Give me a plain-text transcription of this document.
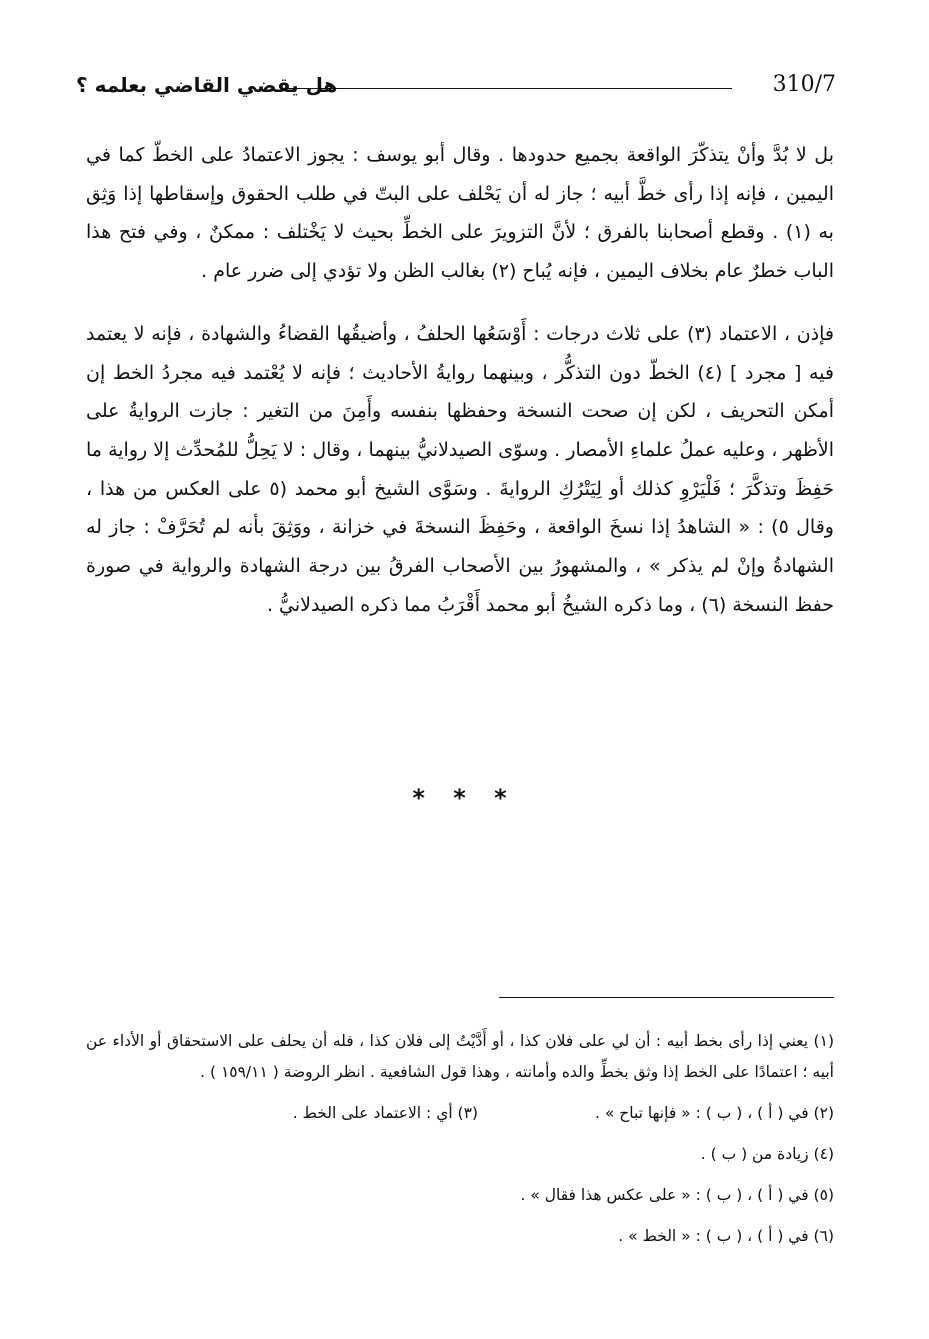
310/7
هل يقضي القاضي بعلمه ؟

بل لا بُدَّ وأنْ يتذكّرَ الواقعة بجميع حدودها . وقال أبو يوسف : يجوز الاعتمادُ على الخطّ كما في اليمين ، فإنه إذا رأى خطَّ أبيه ؛ جاز له أن يَحْلف على البتّ في طلب الحقوق وإسقاطها إذا وَثِق به (١) . وقطع أصحابنا بالفرق ؛ لأنَّ التزويرَ على الخطِّ بحيث لا يَخْتلف : ممكنٌ ، وفي فتح هذا الباب خطرٌ عام بخلاف اليمين ، فإنه يُباح (٢) بغالب الظن ولا تؤدي إلى ضرر عام .

فإذن ، الاعتماد (٣) على ثلاث درجات : أَوْسَعُها الحلفُ ، وأضيقُها القضاءُ والشهادة ، فإنه لا يعتمد فيه [ مجرد ] (٤) الخطّ دون التذكُّر ، وبينهما روايةُ الأحاديث ؛ فإنه لا يُعْتمد فيه مجردُ الخط إن أمكن التحريف ، لكن إن صحت النسخة وحفظها بنفسه وأَمِنَ من التغير : جازت الروايةُ على الأظهر ، وعليه عملُ علماءِ الأمصار . وسوّى الصيدلانيُّ بينهما ، وقال : لا يَحِلُّ للمُحدِّث إلا رواية ما حَفِظَ وتذكَّرَ ؛ فَلْيَرْوِ كذلك أو لِيَتْرُكِ الروايةَ . وسَوَّى الشيخ أبو محمد (٥ على العكس من هذا ، وقال ٥) : « الشاهدُ إذا نسخَ الواقعة ، وحَفِظَ النسخةَ في خزانة ، ووَثِقَ بأنه لم تُحَرَّفْ : جاز له الشهادةُ وإنْ لم يذكر » ، والمشهورُ بين الأصحاب الفرقُ بين درجة الشهادة والرواية في صورة حفظ النسخة (٦) ، وما ذكره الشيخُ أبو محمد أَقْرَبُ مما ذكره الصيدلانيُّ .

* * *

(١) يعني إذا رأى بخط أبيه : أن لي على فلان كذا ، أو أَدَّيْتُ إلى فلان كذا ، فله أن يحلف على الاستحقاق أو الأداء عن أبيه ؛ اعتمادًا على الخط إذا وثق بخطِّ والده وأمانته ، وهذا قول الشافعية . انظر الروضة ( ١٥٩/١١ ) .

(٢) في ( أ ) ، ( ب ) : « فإنها تباح » .
(٣) أي : الاعتماد على الخط .

(٤) زيادة من ( ب ) .

(٥) في ( أ ) ، ( ب ) : « على عكس هذا فقال » .

(٦) في ( أ ) ، ( ب ) : « الخط » .
